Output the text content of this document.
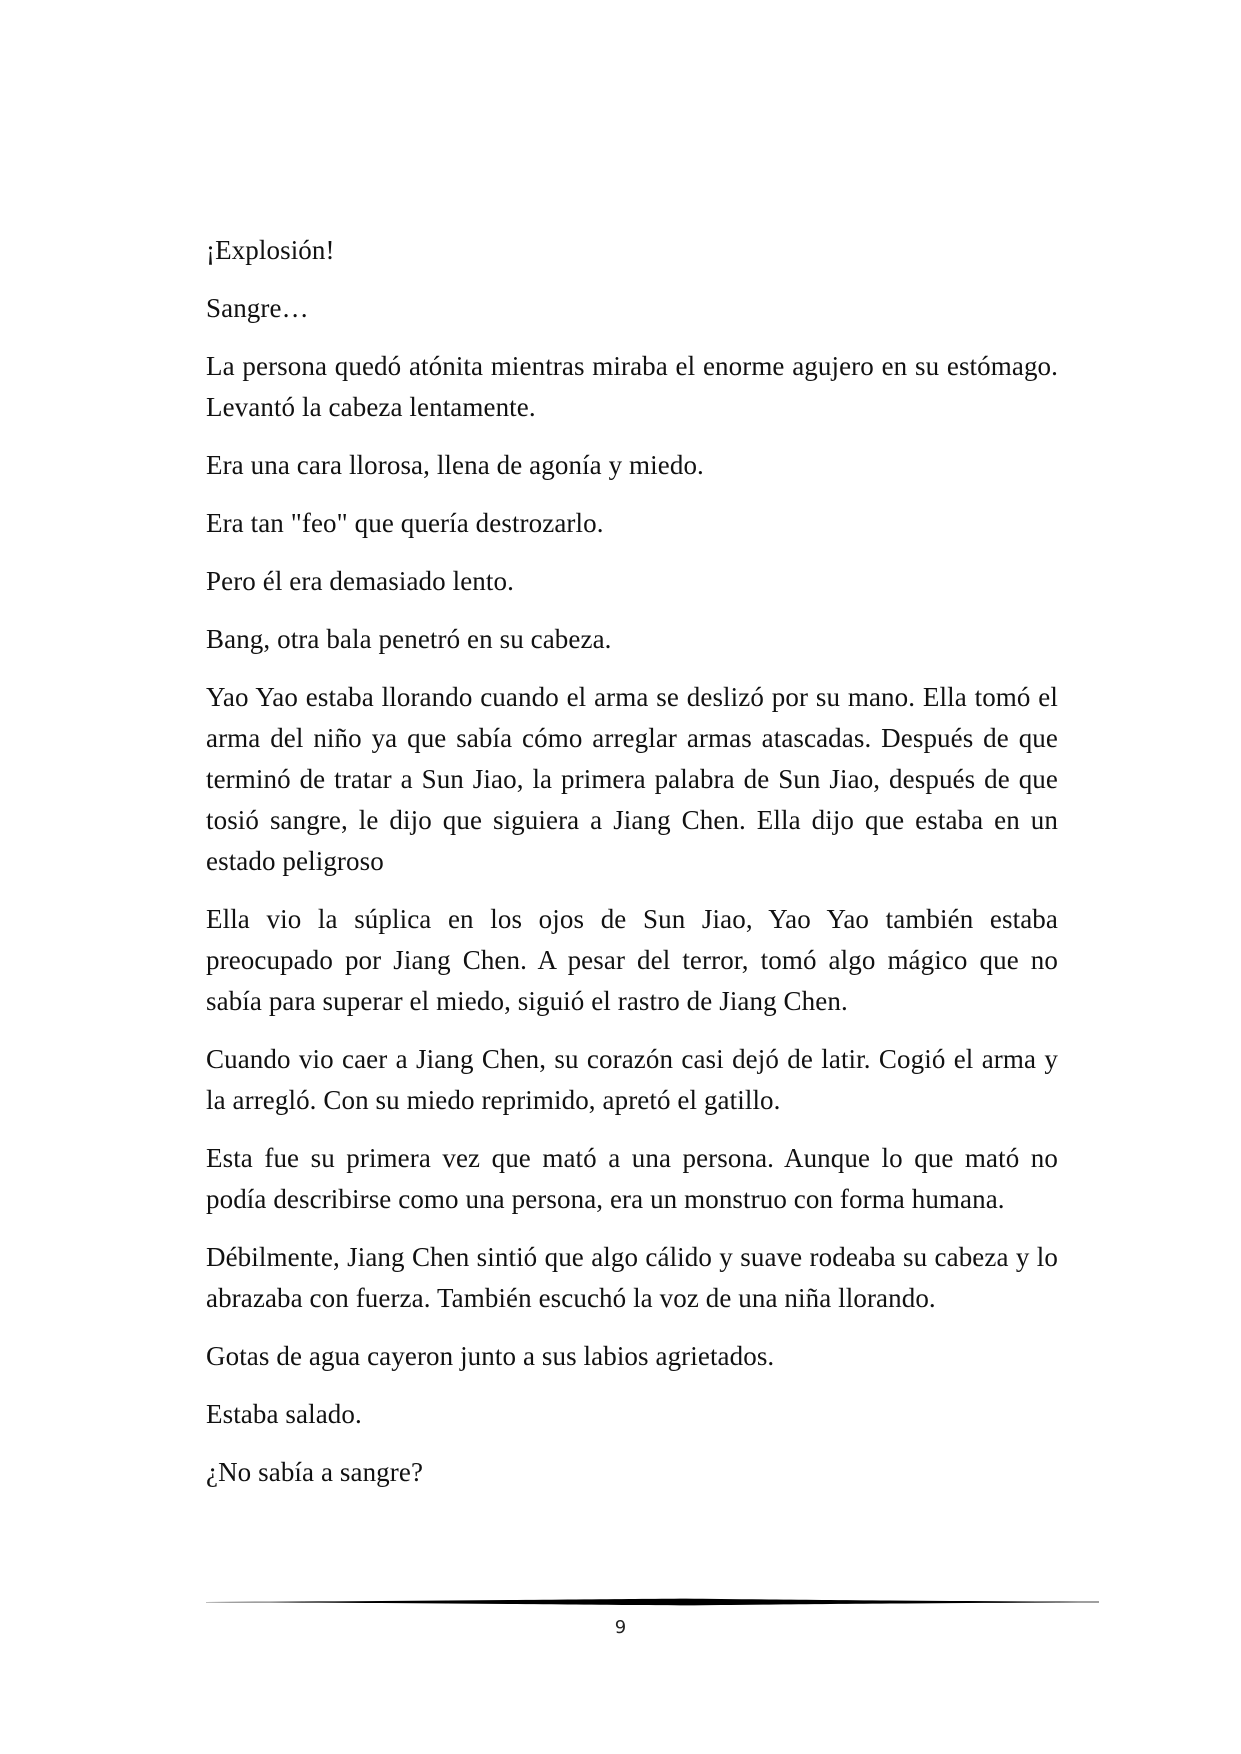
¡Explosión!

Sangre…

La persona quedó atónita mientras miraba el enorme agujero en su estómago. Levantó la cabeza lentamente.

Era una cara llorosa, llena de agonía y miedo.

Era tan "feo" que quería destrozarlo.

Pero él era demasiado lento.

Bang, otra bala penetró en su cabeza.

Yao Yao estaba llorando cuando el arma se deslizó por su mano. Ella tomó el arma del niño ya que sabía cómo arreglar armas atascadas. Después de que terminó de tratar a Sun Jiao, la primera palabra de Sun Jiao, después de que tosió sangre, le dijo que siguiera a Jiang Chen. Ella dijo que estaba en un estado peligroso

Ella vio la súplica en los ojos de Sun Jiao, Yao Yao también estaba preocupado por Jiang Chen. A pesar del terror, tomó algo mágico que no sabía para superar el miedo, siguió el rastro de Jiang Chen.

Cuando vio caer a Jiang Chen, su corazón casi dejó de latir. Cogió el arma y la arregló. Con su miedo reprimido, apretó el gatillo.

Esta fue su primera vez que mató a una persona. Aunque lo que mató no podía describirse como una persona, era un monstruo con forma humana.

Débilmente, Jiang Chen sintió que algo cálido y suave rodeaba su cabeza y lo abrazaba con fuerza. También escuchó la voz de una niña llorando.

Gotas de agua cayeron junto a sus labios agrietados.

Estaba salado.

¿No sabía a sangre?

9
